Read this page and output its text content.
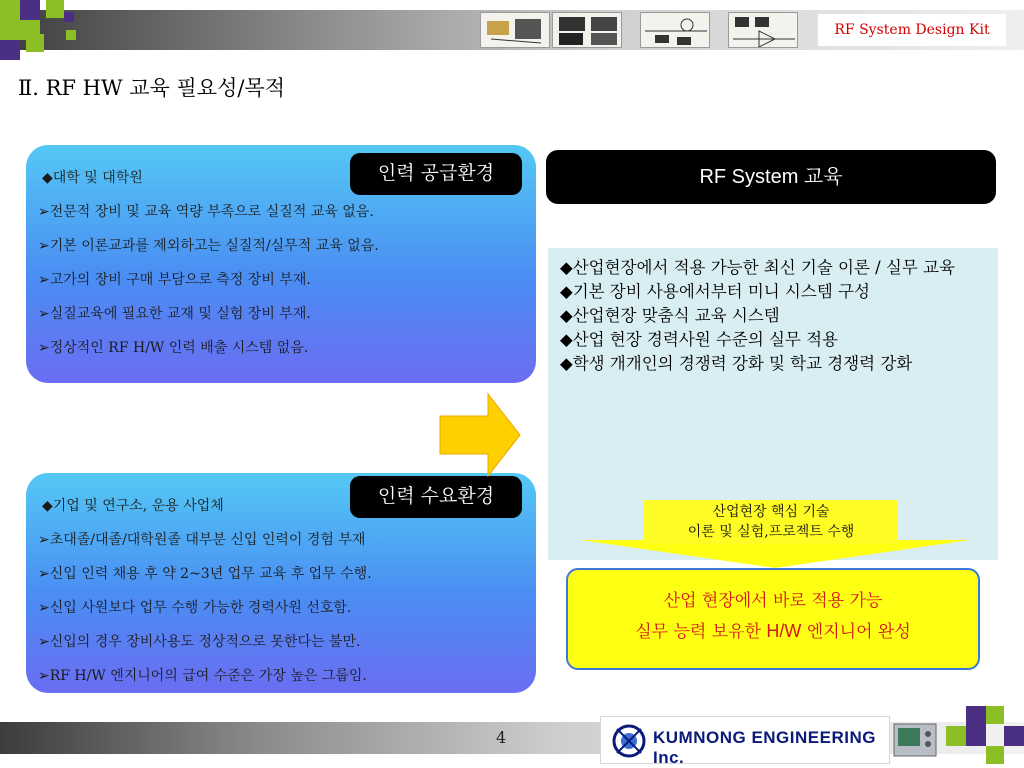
RF System Design Kit
Ⅱ. RF HW 교육 필요성/목적
◆대학 및 대학원
➢전문적 장비 및 교육 역량 부족으로 실질적 교육 없음.
➢기본 이론교과를 제외하고는 실질적/실무적 교육 없음.
➢고가의 장비 구매 부담으로 측정 장비 부재.
➢실질교육에 필요한 교재 및 실험 장비 부재.
➢정상적인 RF H/W 인력 배출 시스템 없음.
인력 공급환경
◆기업 및 연구소, 운용 사업체
➢초대졸/대졸/대학원졸 대부분 신입 인력이 경험 부재
➢신입 인력 채용 후 약 2~3년 업무 교육 후 업무 수행.
➢신입 사원보다 업무 수행 가능한 경력사원 선호함.
➢신입의 경우 장비사용도 정상적으로 못한다는 불만.
➢RF H/W 엔지니어의 급여 수준은 가장 높은 그룹임.
인력 수요환경
RF System 교육
◆산업현장에서 적용 가능한 최신 기술 이론 / 실무 교육
◆기본 장비 사용에서부터 미니 시스템 구성
◆산업현장 맞춤식 교육 시스템
◆산업 현장 경력사원 수준의 실무 적용
◆학생 개개인의 경쟁력 강화 및 학교 경쟁력 강화
산업현장 핵심 기술
이론 및 실험,프로젝트 수행
산업 현장에서 바로 적용 가능
실무 능력 보유한 H/W 엔지니어 완성
4	KUMNONG ENGINEERING Inc.
